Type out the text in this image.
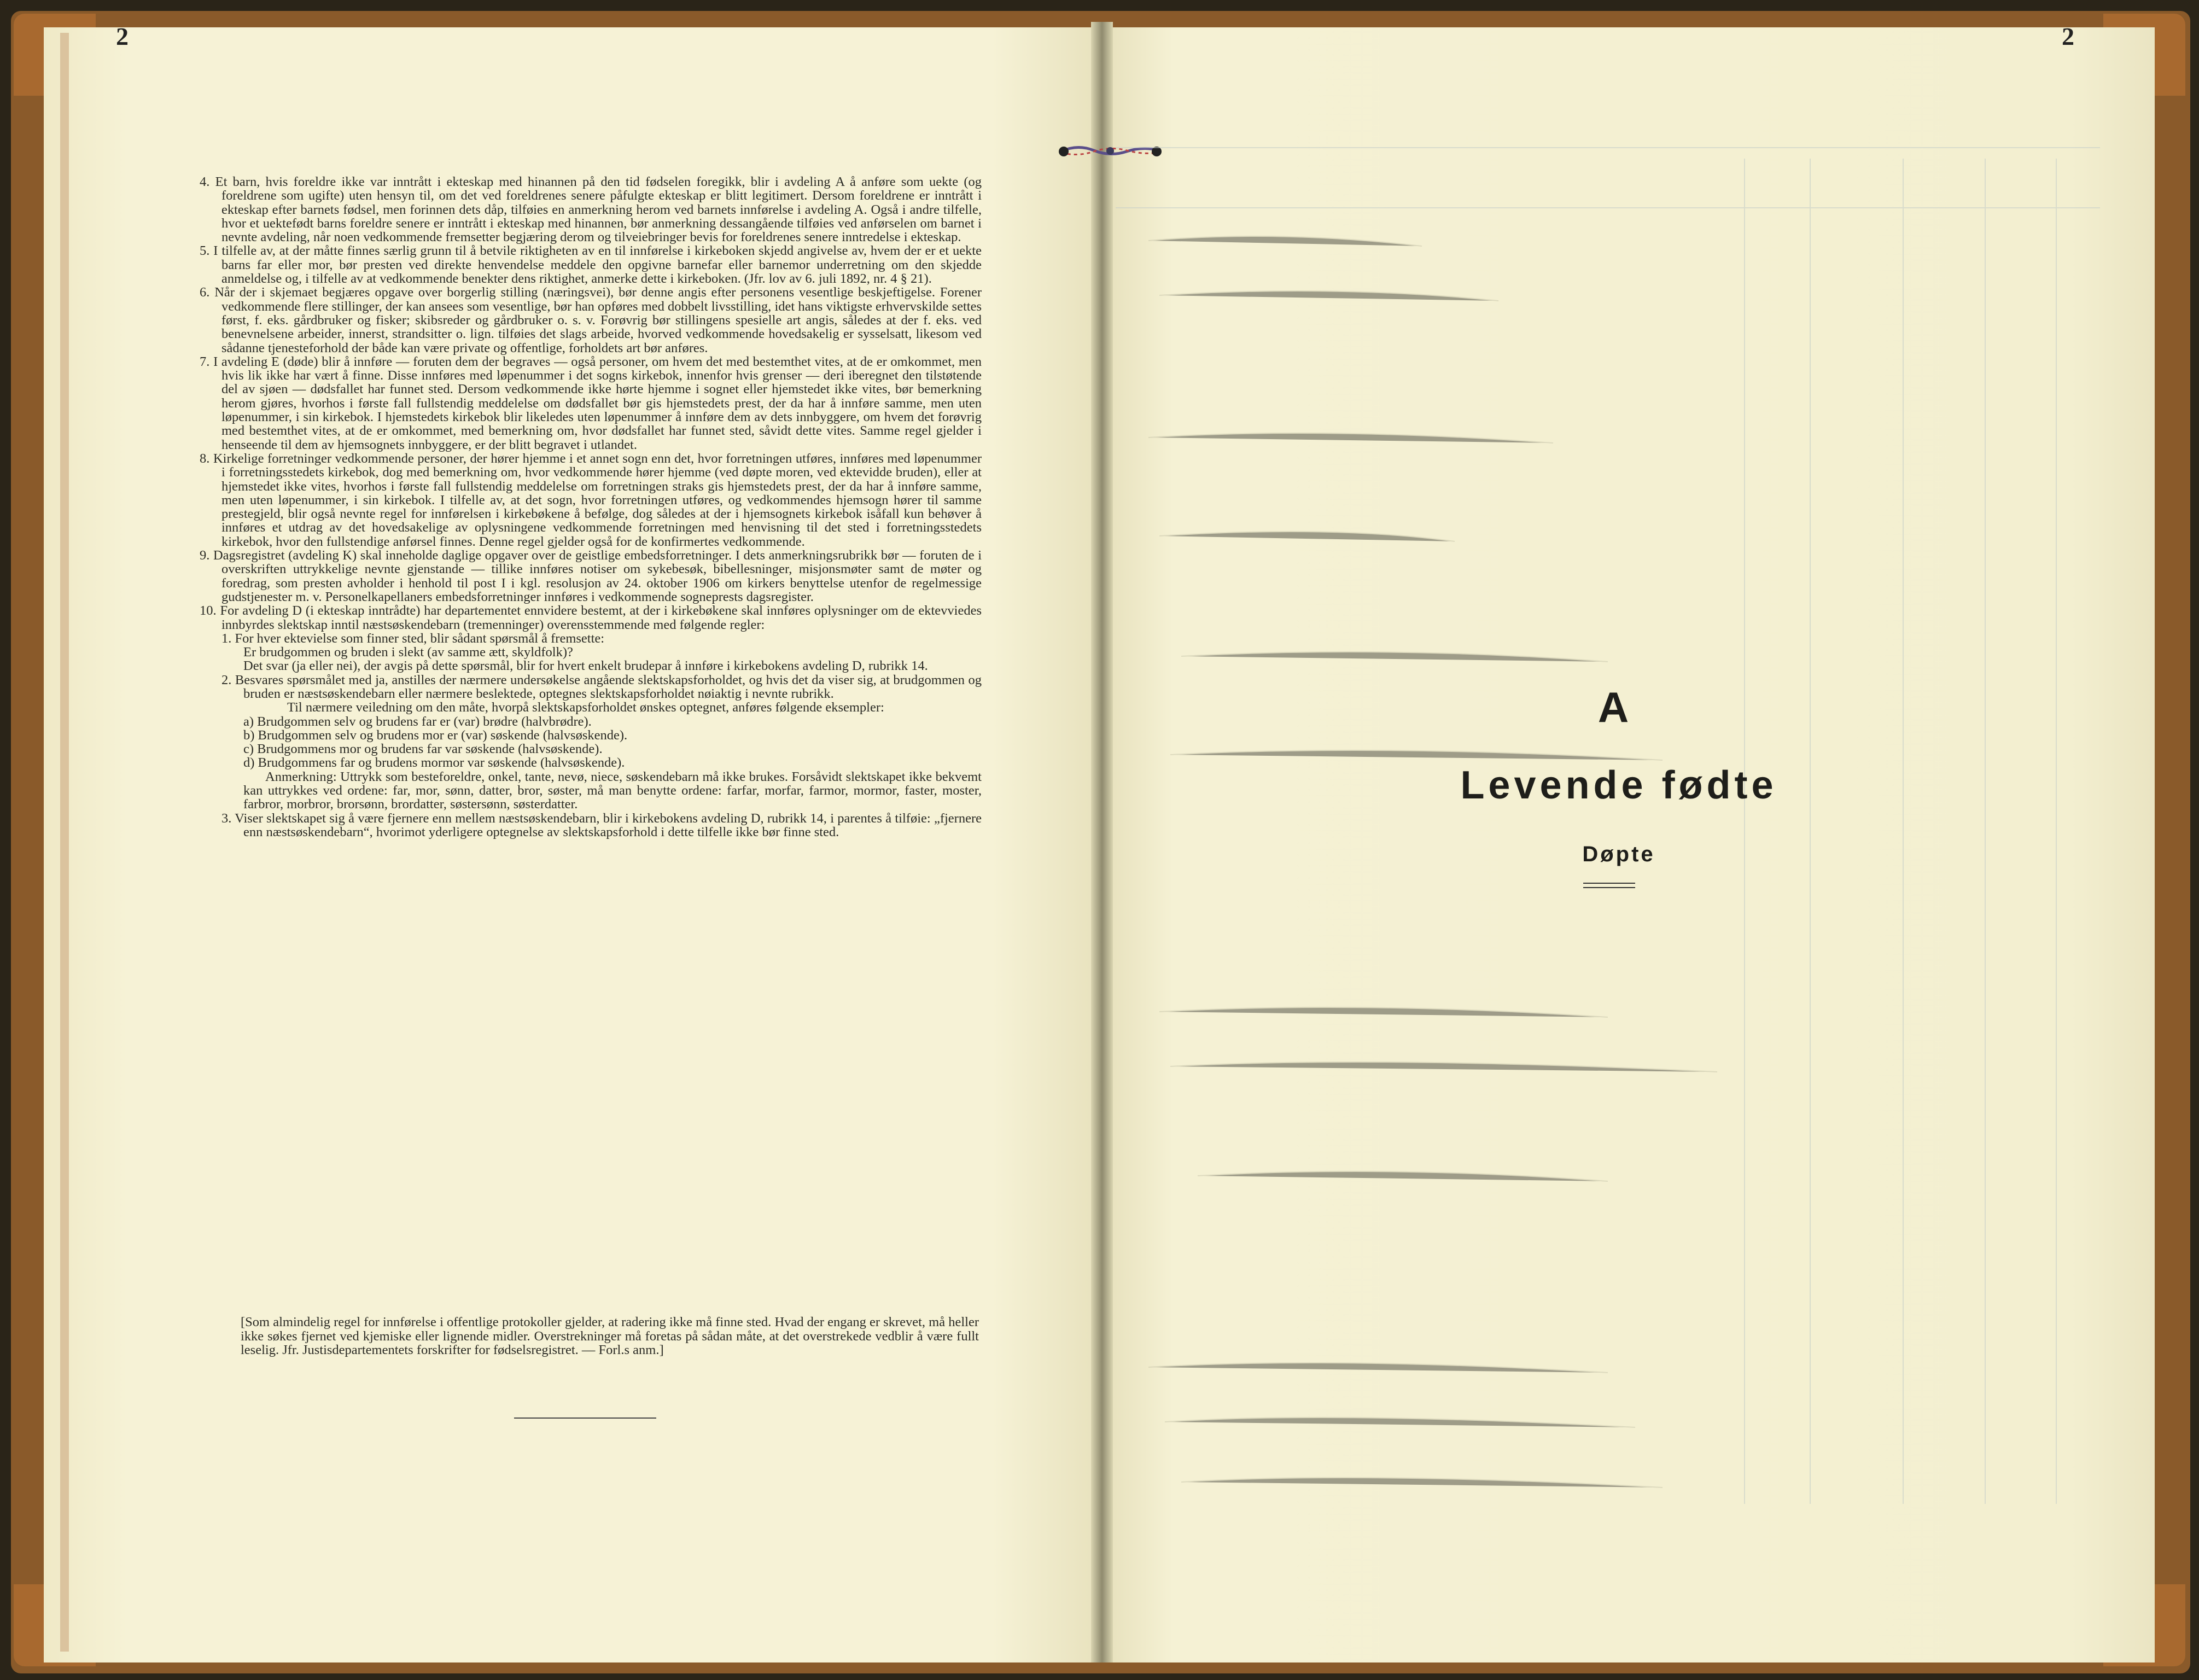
2	2

4. Et barn, hvis foreldre ikke var inntrått i ekteskap med hinannen på den tid fødselen foregikk, blir i avdeling A å anføre som uekte (og foreldrene som ugifte) uten hensyn til, om det ved foreldrenes senere påfulgte ekteskap er blitt legitimert. Dersom foreldrene er inntrått i ekteskap efter barnets fødsel, men forinnen dets dåp, tilføies en anmerkning herom ved barnets innførelse i avdeling A. Også i andre tilfelle, hvor et uektefødt barns foreldre senere er inntrått i ekteskap med hinannen, bør anmerkning dessangående tilføies ved anførselen om barnet i nevnte avdeling, når noen vedkommende fremsetter begjæring derom og tilveiebringer bevis for foreldrenes senere inntredelse i ekteskap.

5. I tilfelle av, at der måtte finnes særlig grunn til å betvile riktigheten av en til innførelse i kirkeboken skjedd angivelse av, hvem der er et uekte barns far eller mor, bør presten ved direkte henvendelse meddele den opgivne barnefar eller barnemor underretning om den skjedde anmeldelse og, i tilfelle av at vedkommende benekter dens riktighet, anmerke dette i kirkeboken. (Jfr. lov av 6. juli 1892, nr. 4 § 21).

6. Når der i skjemaet begjæres opgave over borgerlig stilling (næringsvei), bør denne angis efter personens vesentlige beskjeftigelse. Forener vedkommende flere stillinger, der kan ansees som vesentlige, bør han opføres med dobbelt livsstilling, idet hans viktigste erhvervskilde settes først, f. eks. gårdbruker og fisker; skibsreder og gårdbruker o. s. v. Forøvrig bør stillingens spesielle art angis, således at der f. eks. ved benevnelsene arbeider, innerst, strandsitter o. lign. tilføies det slags arbeide, hvorved vedkommende hovedsakelig er sysselsatt, likesom ved sådanne tjenesteforhold der både kan være private og offentlige, forholdets art bør anføres.

7. I avdeling E (døde) blir å innføre — foruten dem der begraves — også personer, om hvem det med bestemthet vites, at de er omkommet, men hvis lik ikke har vært å finne. Disse innføres med løpenummer i det sogns kirkebok, innenfor hvis grenser — deri iberegnet den tilstøtende del av sjøen — dødsfallet har funnet sted. Dersom vedkommende ikke hørte hjemme i sognet eller hjemstedet ikke vites, bør bemerkning herom gjøres, hvorhos i første fall fullstendig meddelelse om dødsfallet bør gis hjemstedets prest, der da har å innføre samme, men uten løpenummer, i sin kirkebok. I hjemstedets kirkebok blir likeledes uten løpenummer å innføre dem av dets innbyggere, om hvem det forøvrig med bestemthet vites, at de er omkommet, med bemerkning om, hvor dødsfallet har funnet sted, såvidt dette vites. Samme regel gjelder i henseende til dem av hjemsognets innbyggere, er der blitt begravet i utlandet.

8. Kirkelige forretninger vedkommende personer, der hører hjemme i et annet sogn enn det, hvor forretningen utføres, innføres med løpenummer i forretningsstedets kirkebok, dog med bemerkning om, hvor vedkommende hører hjemme (ved døpte moren, ved ektevidde bruden), eller at hjemstedet ikke vites, hvorhos i første fall fullstendig meddelelse om forretningen straks gis hjemstedets prest, der da har å innføre samme, men uten løpenummer, i sin kirkebok. I tilfelle av, at det sogn, hvor forretningen utføres, og vedkommendes hjemsogn hører til samme prestegjeld, blir også nevnte regel for innførelsen i kirkebøkene å befølge, dog således at der i hjemsognets kirkebok isåfall kun behøver å innføres et utdrag av det hovedsakelige av oplysningene vedkommende forretningen med henvisning til det sted i forretningsstedets kirkebok, hvor den fullstendige anførsel finnes. Denne regel gjelder også for de konfirmertes vedkommende.

9. Dagsregistret (avdeling K) skal inneholde daglige opgaver over de geistlige embedsforretninger. I dets anmerkningsrubrikk bør — foruten de i overskriften uttrykkelige nevnte gjenstande — tillike innføres notiser om sykebesøk, bibellesninger, misjonsmøter samt de møter og foredrag, som presten avholder i henhold til post I i kgl. resolusjon av 24. oktober 1906 om kirkers benyttelse utenfor de regelmessige gudstjenester m. v. Personelkapellaners embedsforretninger innføres i vedkommende sogneprests dagsregister.

10. For avdeling D (i ekteskap inntrådte) har departementet ennvidere bestemt, at der i kirkebøkene skal innføres oplysninger om de ektevviedes innbyrdes slektskap inntil næstsøskendebarn (tremenninger) overensstemmende med følgende regler:

1. For hver ektevielse som finner sted, blir sådant spørsmål å fremsette:

Er brudgommen og bruden i slekt (av samme ætt, skyldfolk)?

Det svar (ja eller nei), der avgis på dette spørsmål, blir for hvert enkelt brudepar å innføre i kirkebokens avdeling D, rubrikk 14.

2. Besvares spørsmålet med ja, anstilles der nærmere undersøkelse angående slektskapsforholdet, og hvis det da viser sig, at brudgommen og bruden er næstsøskendebarn eller nærmere beslektede, optegnes slektskapsforholdet nøiaktig i nevnte rubrikk.

Til nærmere veiledning om den måte, hvorpå slektskapsforholdet ønskes optegnet, anføres følgende eksempler:

a) Brudgommen selv og brudens far er (var) brødre (halvbrødre).

b) Brudgommen selv og brudens mor er (var) søskende (halvsøskende).

c) Brudgommens mor og brudens far var søskende (halvsøskende).

d) Brudgommens far og brudens mormor var søskende (halvsøskende).

Anmerkning: Uttrykk som besteforeldre, onkel, tante, nevø, niece, søskendebarn må ikke brukes. Forsåvidt slektskapet ikke bekvemt kan uttrykkes ved ordene: far, mor, sønn, datter, bror, søster, må man benytte ordene: farfar, morfar, farmor, mormor, faster, moster, farbror, morbror, brorsønn, brordatter, søstersønn, søsterdatter.

3. Viser slektskapet sig å være fjernere enn mellem næstsøskendebarn, blir i kirkebokens avdeling D, rubrikk 14, i parentes å tilføie: „fjernere enn næstsøskendebarn“, hvorimot yderligere optegnelse av slektskapsforhold i dette tilfelle ikke bør finne sted.

[Som almindelig regel for innførelse i offentlige protokoller gjelder, at radering ikke må finne sted. Hvad der engang er skrevet, må heller ikke søkes fjernet ved kjemiske eller lignende midler. Overstrekninger må foretas på sådan måte, at det overstrekede vedblir å være fullt leselig. Jfr. Justisdepartementets forskrifter for fødselsregistret. — Forl.s anm.]
A
Levende fødte
Døpte
